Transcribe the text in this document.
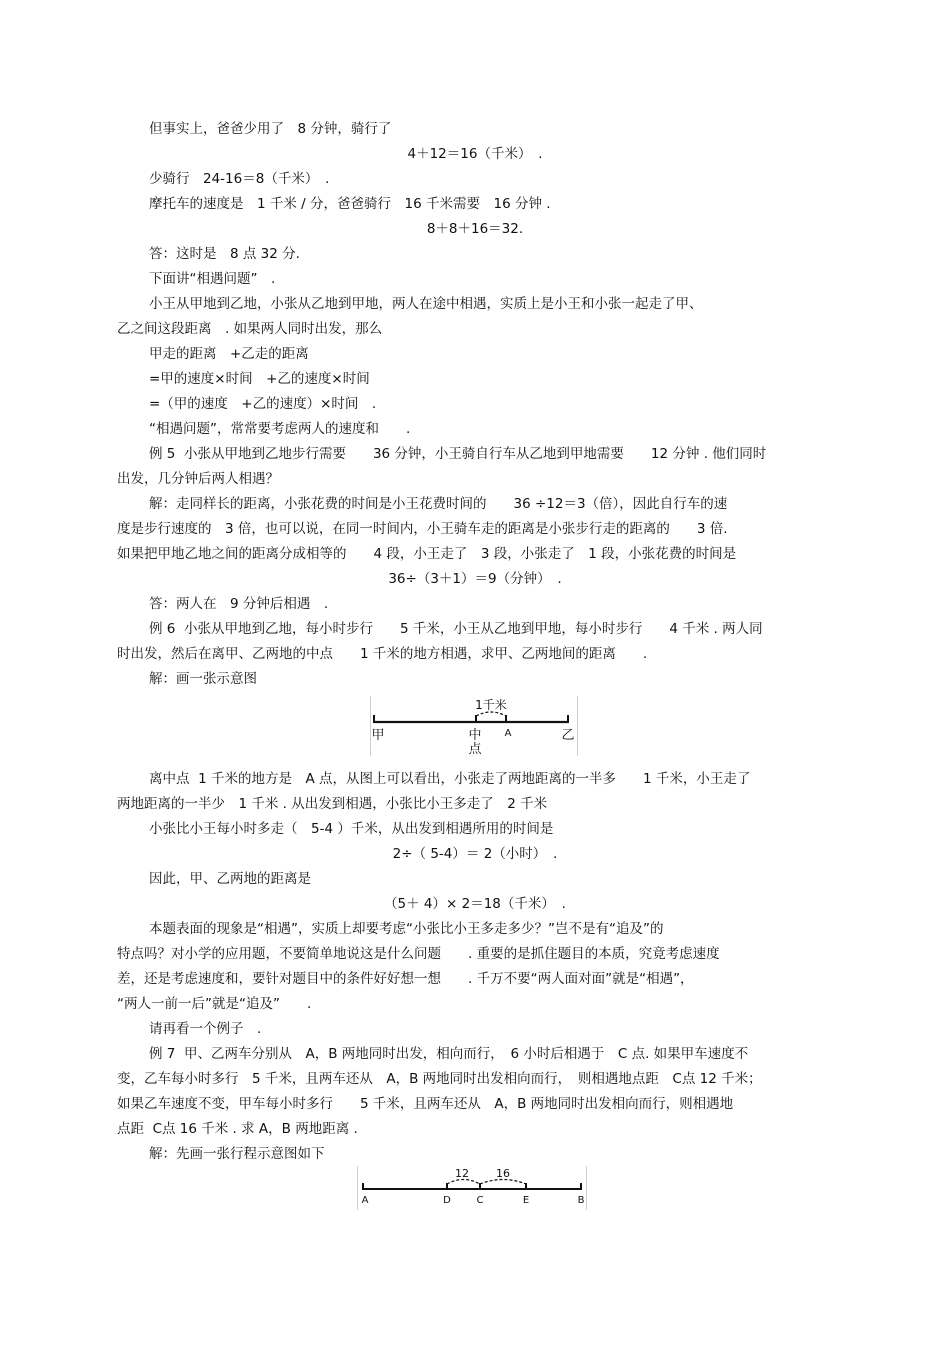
但事实上，爸爸少用了　8 分钟，骑行了
4＋12＝16（千米）　.
少骑行　24-16＝8（千米）　.
摩托车的速度是　1 千米 / 分，爸爸骑行　16 千米需要　16 分钟 .
8＋8＋16＝32.
答：这时是　8 点 32 分.
下面讲“相遇问题”　.
小王从甲地到乙地，小张从乙地到甲地，两人在途中相遇，实质上是小王和小张一起走了甲、
乙之间这段距离　. 如果两人同时出发，那么
甲走的距离　+乙走的距离
=甲的速度×时间　+乙的速度×时间
=（甲的速度　+乙的速度）×时间　.
“相遇问题”，常常要考虑两人的速度和　　.
例 5  小张从甲地到乙地步行需要　　36 分钟，小王骑自行车从乙地到甲地需要　　12 分钟 . 他们同时
出发，几分钟后两人相遇？
解：走同样长的距离，小张花费的时间是小王花费时间的　　36 ÷12＝3（倍），因此自行车的速
度是步行速度的　3 倍，也可以说，在同一时间内，小王骑车走的距离是小张步行走的距离的　　3 倍.
如果把甲地乙地之间的距离分成相等的　　4 段，小王走了　3 段，小张走了　1 段，小张花费的时间是
36÷（3＋1）＝9（分钟）　.
答：两人在　9 分钟后相遇　.
例 6  小张从甲地到乙地，每小时步行　　5 千米，小王从乙地到甲地，每小时步行　　4 千米 . 两人同
时出发，然后在离甲、乙两地的中点　　1 千米的地方相遇，求甲、乙两地间的距离　　.
解：画一张示意图
1千米
甲	中
点
A	乙
离中点  1 千米的地方是　A 点，从图上可以看出，小张走了两地距离的一半多　　1 千米，小王走了
两地距离的一半少　1 千米 . 从出发到相遇，小张比小王多走了　2 千米
小张比小王每小时多走（　5-4 ）千米，从出发到相遇所用的时间是
2÷（ 5-4）＝ 2（小时）　.
因此，甲、乙两地的距离是
（5＋ 4）× 2＝18（千米）　.
本题表面的现象是“相遇”，实质上却要考虑“小张比小王多走多少？”岂不是有“追及”的
特点吗？对小学的应用题，不要简单地说这是什么问题　　. 重要的是抓住题目的本质，究竟考虑速度
差，还是考虑速度和，要针对题目中的条件好好想一想　　. 千万不要“两人面对面”就是“相遇”，
“两人一前一后”就是“追及”　　.
请再看一个例子　.
例 7  甲、乙两车分别从　A，B 两地同时出发，相向而行，　6 小时后相遇于　C 点. 如果甲车速度不
变，乙车每小时多行　5 千米，且两车还从　A，B 两地同时出发相向而行，　则相遇地点距　C点 12 千米；
如果乙车速度不变，甲车每小时多行　　5 千米，且两车还从　A，B 两地同时出发相向而行，则相遇地
点距  C点 16 千米 . 求 A，B 两地距离 .
解：先画一张行程示意图如下
12 16
A	D	C	E	B
